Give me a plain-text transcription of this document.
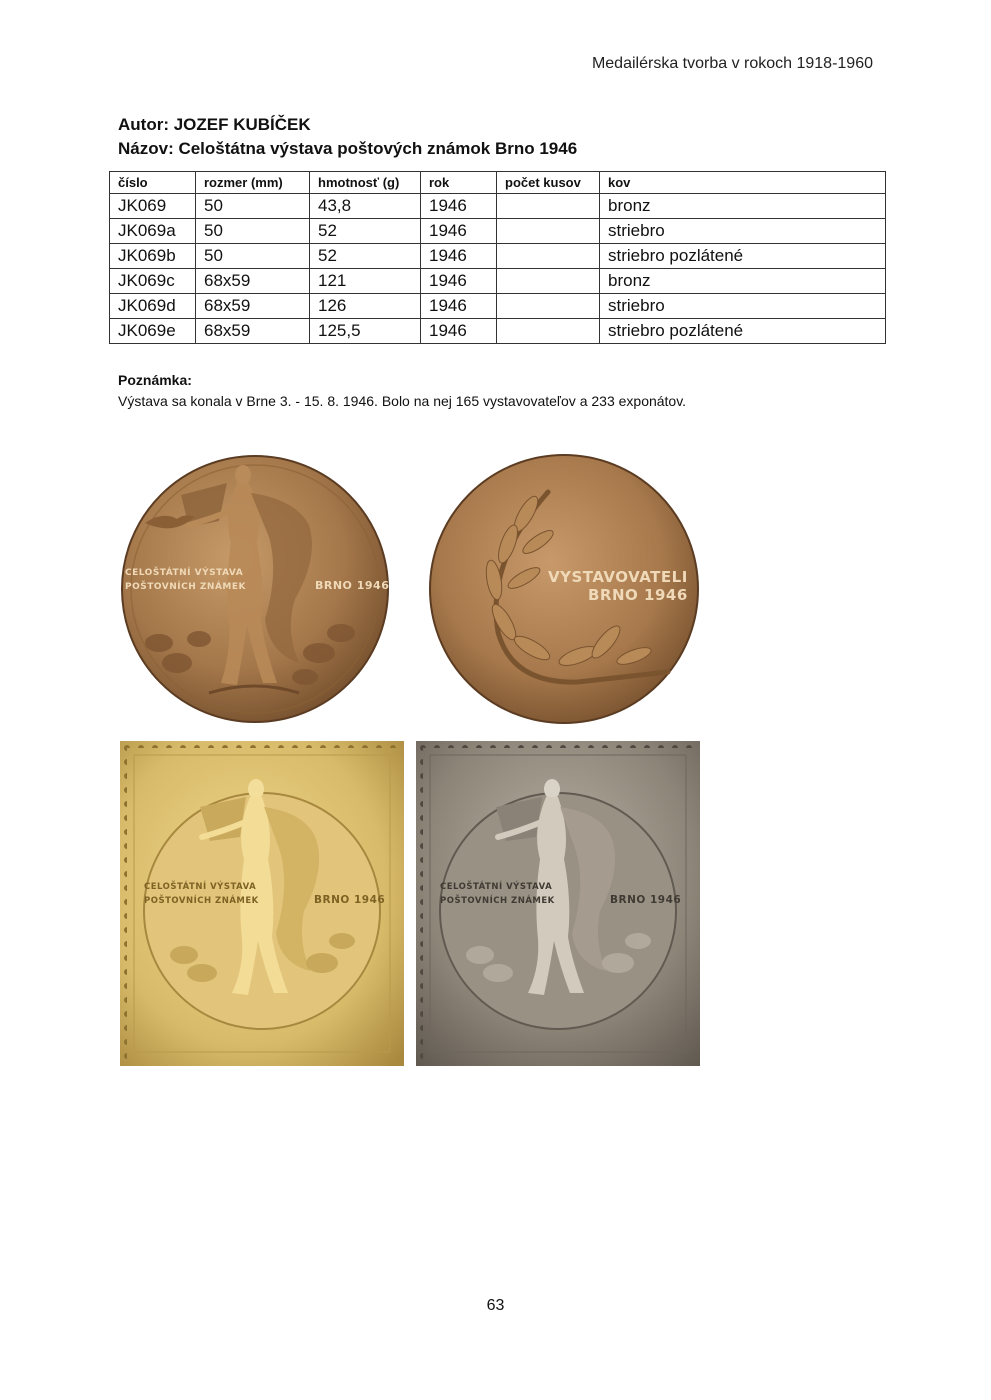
Medailérska tvorba v rokoch 1918-1960
Autor: JOZEF KUBÍČEK
Názov: Celoštátna výstava poštových známok Brno 1946
číslo	rozmer (mm)	hmotnosť (g)	rok	počet kusov	kov
JK069	50	43,8	1946		bronz
JK069a	50	52	1946		striebro
JK069b	50	52	1946		striebro pozlátené
JK069c	68x59	121	1946		bronz
JK069d	68x59	126	1946		striebro
JK069e	68x59	125,5	1946		striebro pozlátené
Poznámka:
Výstava sa konala v Brne 3. - 15. 8. 1946. Bolo na nej 165 vystavovateľov a 233 exponátov.
CELOŠTÁTNÍ VÝSTAVA
POŠTOVNÍCH ZNÁMEK	BRNO 1946	VYSTAVOVATELI
BRNO 1946
CELOŠTÁTNÍ VÝSTAVA
POŠTOVNÍCH ZNÁMEK	BRNO 1946
CELOŠTÁTNÍ VÝSTAVA
POŠTOVNÍCH ZNÁMEK	BRNO 1946
63
